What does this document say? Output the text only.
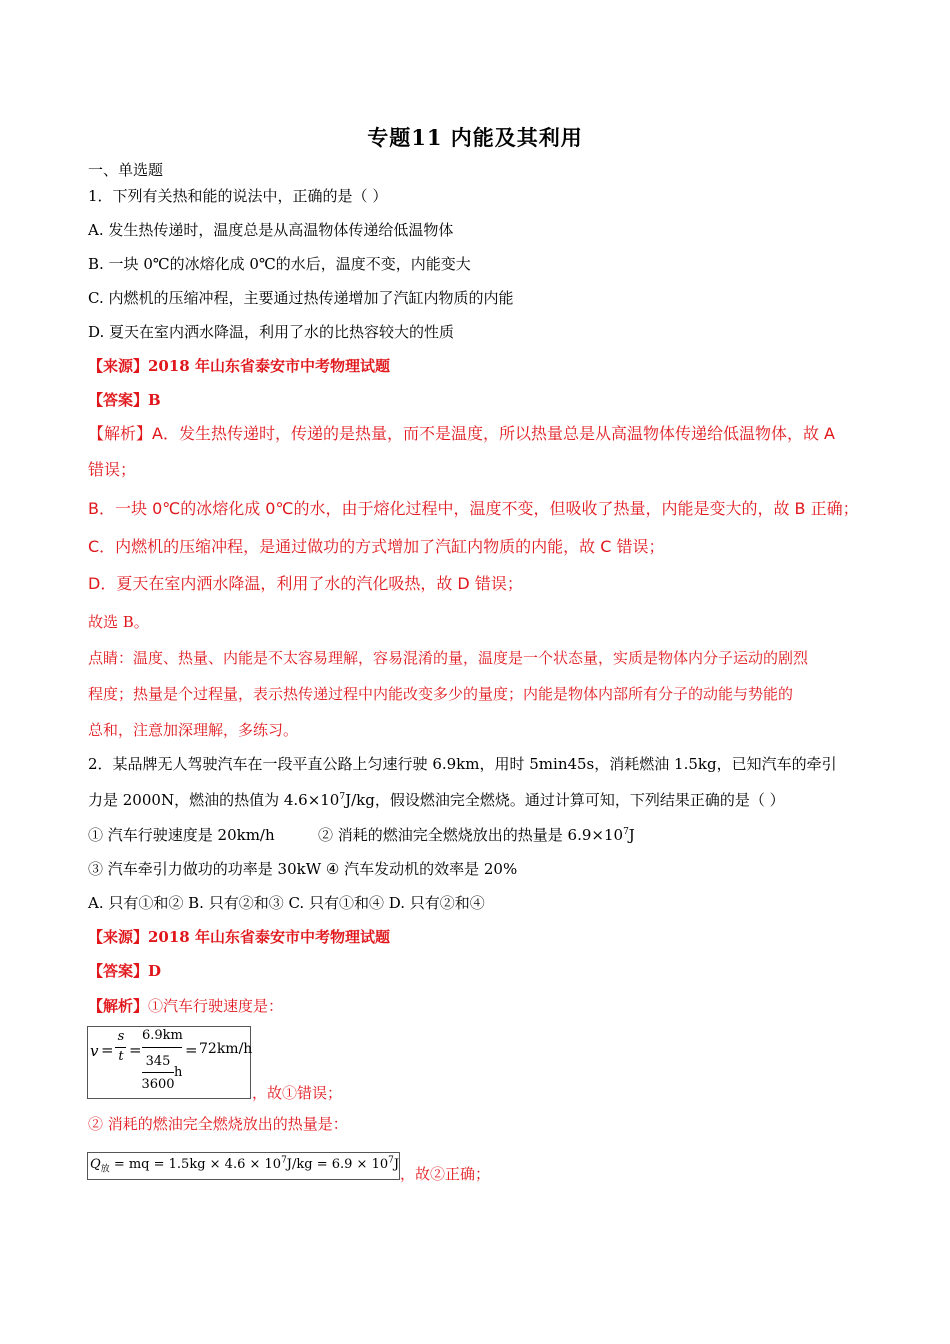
专题11 内能及其利用
一、单选题
1．下列有关热和能的说法中，正确的是（ ）
A. 发生热传递时，温度总是从高温物体传递给低温物体
B. 一块 0℃的冰熔化成 0℃的水后，温度不变，内能变大
C. 内燃机的压缩冲程，主要通过热传递增加了汽缸内物质的内能
D. 夏天在室内洒水降温，利用了水的比热容较大的性质
【来源】2018 年山东省泰安市中考物理试题
【答案】B
【解析】A．发生热传递时，传递的是热量，而不是温度，所以热量总是从高温物体传递给低温物体，故 A
错误；
B．一块 0℃的冰熔化成 0℃的水，由于熔化过程中，温度不变，但吸收了热量，内能是变大的，故 B 正确；
C．内燃机的压缩冲程，是通过做功的方式增加了汽缸内物质的内能，故 C 错误；
D．夏天在室内洒水降温，利用了水的汽化吸热，故 D 错误；
故选 B。
点睛：温度、热量、内能是不太容易理解，容易混淆的量，温度是一个状态量，实质是物体内分子运动的剧烈
程度；热量是个过程量，表示热传递过程中内能改变多少的量度；内能是物体内部所有分子的动能与势能的
总和，注意加深理解，多练习。
2．某品牌无人驾驶汽车在一段平直公路上匀速行驶 6.9km，用时 5min45s，消耗燃油 1.5kg，已知汽车的牵引
力是 2000N，燃油的热值为 $4.6\times 10^7J/kg$，假设燃油完全燃烧。通过计算可知，下列结果正确的是（ ）
① 汽车行驶速度是 20km/h	② 消耗的燃油完全燃烧放出的热量是 $6.9\times 10^7J$
③ 汽车牵引力做功的功率是 30kW ④ 汽车发动机的效率是 20%
A. 只有①和② B. 只有②和③ C. 只有①和④ D. 只有②和④
【来源】2018 年山东省泰安市中考物理试题
【答案】D
【解析】①汽车行驶速度是：
v =
s
t =
6.9km
345
3600
h
= 72km/h
，故①错误；
② 消耗的燃油完全燃烧放出的热量是：
$Q_放$ = mq = $1.5kg \times 4.6 \times 10^7J/kg = 6.9 \times 10^7J$
，故②正确；
